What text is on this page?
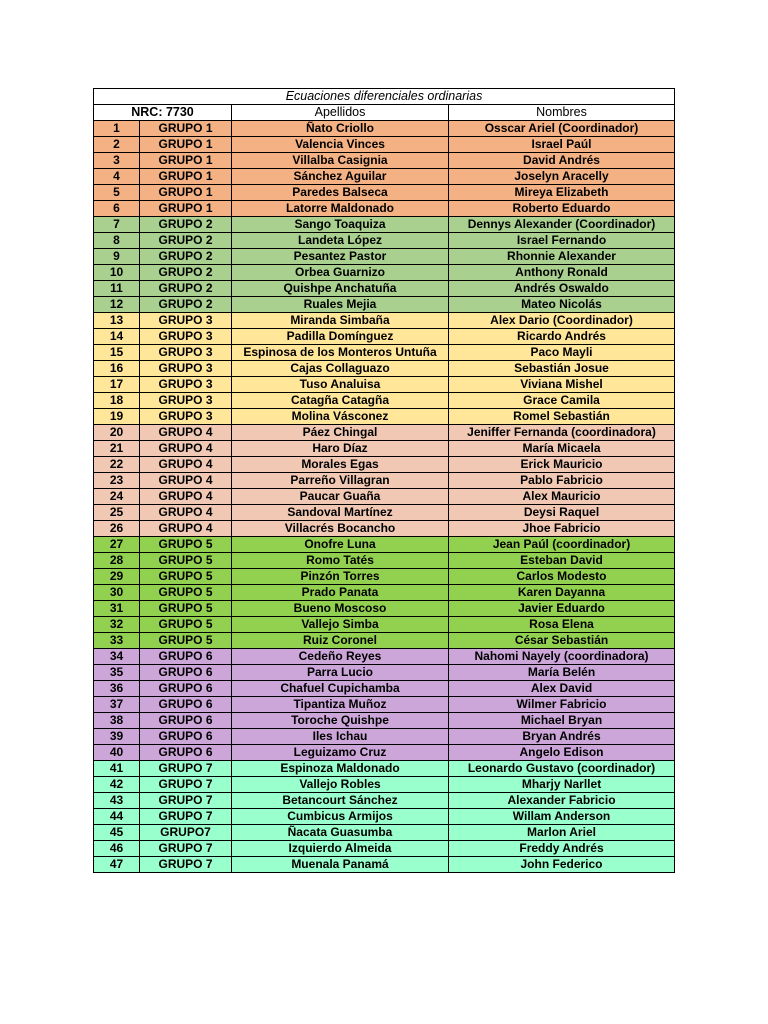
Ecuaciones diferenciales ordinarias			
NRC: 7730		Apellidos	Nombres
1	GRUPO 1	Ñato Criollo	Osscar Ariel (Coordinador)
2	GRUPO 1	Valencia Vinces	Israel Paúl
3	GRUPO 1	Villalba Casignia	David Andrés
4	GRUPO 1	Sánchez Aguilar	Joselyn Aracelly
5	GRUPO 1	Paredes Balseca	Mireya Elizabeth
6	GRUPO 1	Latorre Maldonado	Roberto Eduardo
7	GRUPO 2	Sango Toaquiza	Dennys Alexander (Coordinador)
8	GRUPO 2	Landeta López	Israel Fernando
9	GRUPO 2	Pesantez Pastor	Rhonnie Alexander
10	GRUPO 2	Orbea Guarnizo	Anthony Ronald
11	GRUPO 2	Quishpe Anchatuña	Andrés Oswaldo
12	GRUPO 2	Ruales Mejia	Mateo Nicolás
13	GRUPO 3	Miranda Simbaña	Alex Dario (Coordinador)
14	GRUPO 3	Padilla Domínguez	Ricardo Andrés
15	GRUPO 3	Espinosa de los Monteros Untuña	Paco Mayli
16	GRUPO 3	Cajas Collaguazo	Sebastián Josue
17	GRUPO 3	Tuso Analuisa	Viviana Mishel
18	GRUPO 3	Catagña Catagña	Grace Camila
19	GRUPO 3	Molina Vásconez	Romel Sebastián
20	GRUPO 4	Páez Chingal	Jeniffer Fernanda (coordinadora)
21	GRUPO 4	Haro Díaz	María Micaela
22	GRUPO 4	Morales Egas	Erick Mauricio
23	GRUPO 4	Parreño Villagran	Pablo Fabricio
24	GRUPO 4	Paucar Guaña	Alex Mauricio
25	GRUPO 4	Sandoval Martínez	Deysi Raquel
26	GRUPO 4	Villacrés Bocancho	Jhoe Fabricio
27	GRUPO 5	Onofre Luna	Jean Paúl (coordinador)
28	GRUPO 5	Romo Tatés	Esteban David
29	GRUPO 5	Pinzón Torres	Carlos Modesto
30	GRUPO 5	Prado Panata	Karen Dayanna
31	GRUPO 5	Bueno Moscoso	Javier Eduardo
32	GRUPO 5	Vallejo Simba	Rosa Elena
33	GRUPO 5	Ruiz Coronel	César Sebastián
34	GRUPO 6	Cedeño Reyes	Nahomi Nayely (coordinadora)
35	GRUPO 6	Parra Lucio	María Belén
36	GRUPO 6	Chafuel Cupichamba	Alex David
37	GRUPO 6	Tipantiza Muñoz	Wilmer Fabricio
38	GRUPO 6	Toroche Quishpe	Michael Bryan
39	GRUPO 6	Iles Ichau	Bryan Andrés
40	GRUPO 6	Leguizamo Cruz	Angelo Edison
41	GRUPO 7	Espinoza Maldonado	Leonardo Gustavo (coordinador)
42	GRUPO 7	Vallejo Robles	Mharjy Narllet
43	GRUPO 7	Betancourt Sánchez	Alexander Fabricio
44	GRUPO 7	Cumbicus Armijos	Willam Anderson
45	GRUPO7	Ñacata Guasumba	Marlon Ariel
46	GRUPO 7	Izquierdo Almeida	Freddy Andrés
47	GRUPO 7	Muenala Panamá	John Federico
